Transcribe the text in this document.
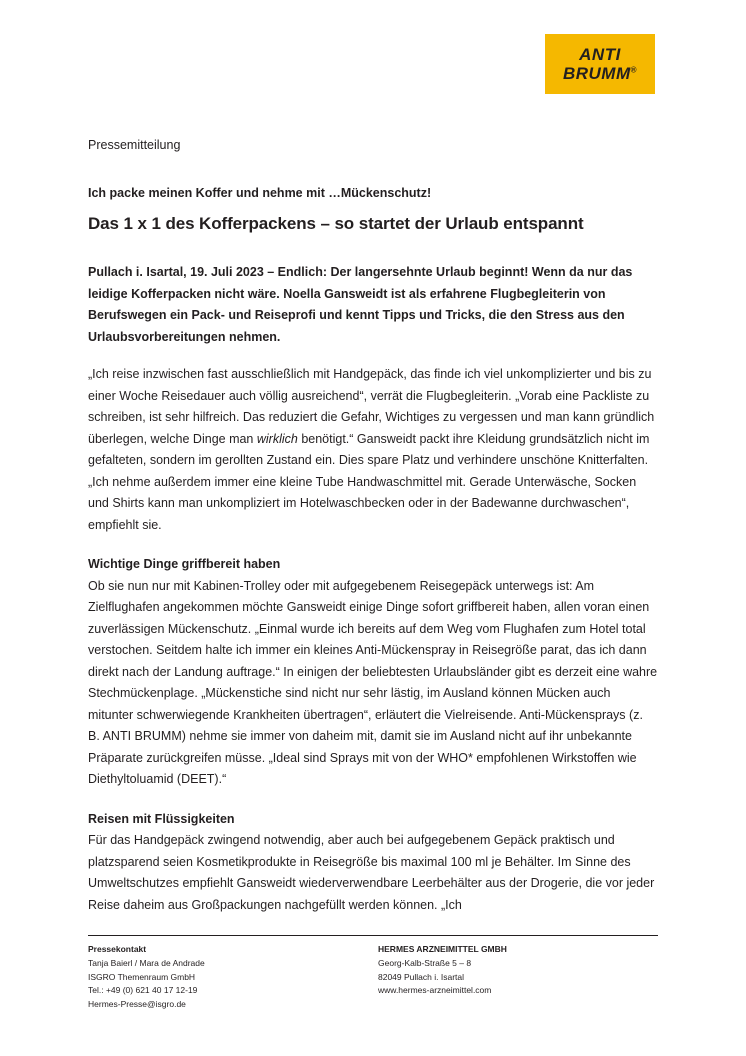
ANTI
BRUMM®
Pressemitteilung
Ich packe meinen Koffer und nehme mit …Mückenschutz!
Das 1 x 1 des Kofferpackens – so startet der Urlaub entspannt

Pullach i. Isartal, 19. Juli 2023 – Endlich: Der langersehnte Urlaub beginnt! Wenn da nur das leidige Kofferpacken nicht wäre. Noella Gansweidt ist als erfahrene Flugbegleiterin von Berufswegen ein Pack- und Reiseprofi und kennt Tipps und Tricks, die den Stress aus den Urlaubsvorbereitungen nehmen.

„Ich reise inzwischen fast ausschließlich mit Handgepäck, das finde ich viel unkomplizierter und bis zu einer Woche Reisedauer auch völlig ausreichend“, verrät die Flugbegleiterin. „Vorab eine Packliste zu schreiben, ist sehr hilfreich. Das reduziert die Gefahr, Wichtiges zu vergessen und man kann gründlich überlegen, welche Dinge man wirklich benötigt.“ Gansweidt packt ihre Kleidung grundsätzlich nicht im gefalteten, sondern im gerollten Zustand ein. Dies spare Platz und verhindere unschöne Knitterfalten. „Ich nehme außerdem immer eine kleine Tube Handwaschmittel mit. Gerade Unterwäsche, Socken und Shirts kann man unkompliziert im Hotelwaschbecken oder in der Badewanne durchwaschen“, empfiehlt sie.

Wichtige Dinge griffbereit haben

Ob sie nun nur mit Kabinen-Trolley oder mit aufgegebenem Reisegepäck unterwegs ist: Am Zielflughafen angekommen möchte Gansweidt einige Dinge sofort griffbereit haben, allen voran einen zuverlässigen Mückenschutz. „Einmal wurde ich bereits auf dem Weg vom Flughafen zum Hotel total verstochen. Seitdem halte ich immer ein kleines Anti-Mückenspray in Reisegröße parat, das ich dann direkt nach der Landung auftrage.“ In einigen der beliebtesten Urlaubsländer gibt es derzeit eine wahre Stechmückenplage. „Mückenstiche sind nicht nur sehr lästig, im Ausland können Mücken auch mitunter schwerwiegende Krankheiten übertragen“, erläutert die Vielreisende. Anti-Mückensprays (z. B. ANTI BRUMM) nehme sie immer von daheim mit, damit sie im Ausland nicht auf ihr unbekannte Präparate zurückgreifen müsse. „Ideal sind Sprays mit von der WHO* empfohlenen Wirkstoffen wie Diethyltoluamid (DEET).“

Reisen mit Flüssigkeiten

Für das Handgepäck zwingend notwendig, aber auch bei aufgegebenem Gepäck praktisch und platzsparend seien Kosmetikprodukte in Reisegröße bis maximal 100 ml je Behälter. Im Sinne des Umweltschutzes empfiehlt Gansweidt wiederverwendbare Leerbehälter aus der Drogerie, die vor jeder Reise daheim aus Großpackungen nachgefüllt werden können. „Ich

Pressekontakt
Tanja Baierl / Mara de Andrade
ISGRO Themenraum GmbH
Tel.: +49 (0) 621 40 17 12-19
Hermes-Presse@isgro.de
HERMES ARZNEIMITTEL GMBH
Georg-Kalb-Straße 5 – 8
82049 Pullach i. Isartal
www.hermes-arzneimittel.com
